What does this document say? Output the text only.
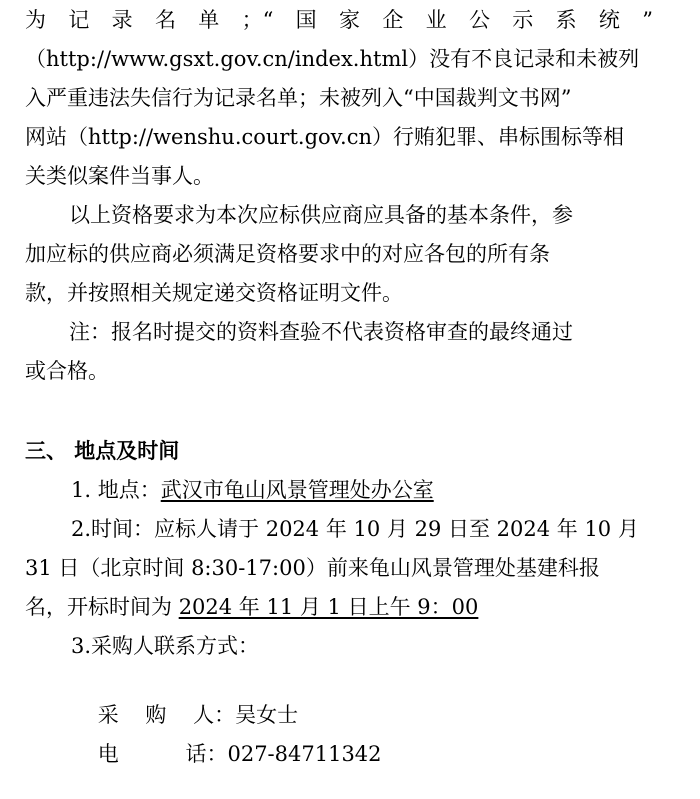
为记录名单；“国家企业公示系统”
（http://www.gsxt.gov.cn/index.html）没有不良记录和未被列
入严重违法失信行为记录名单；未被列入“中国裁判文书网”
网站（http://wenshu.court.gov.cn）行贿犯罪、串标围标等相
关类似案件当事人。
以上资格要求为本次应标供应商应具备的基本条件，参
加应标的供应商必须满足资格要求中的对应各包的所有条
款，并按照相关规定递交资格证明文件。
注：报名时提交的资料查验不代表资格审查的最终通过
或合格。
三、 地点及时间
1. 地点：武汉市龟山风景管理处办公室
2.时间：应标人请于 2024 年 10 月 29 日至 2024 年 10 月
31 日（北京时间 8:30-17:00）前来龟山风景管理处基建科报
名，开标时间为 2024 年 11 月 1 日上午 9：00
3.采购人联系方式：

采    购    人：吴女士

电          话：027-84711342
